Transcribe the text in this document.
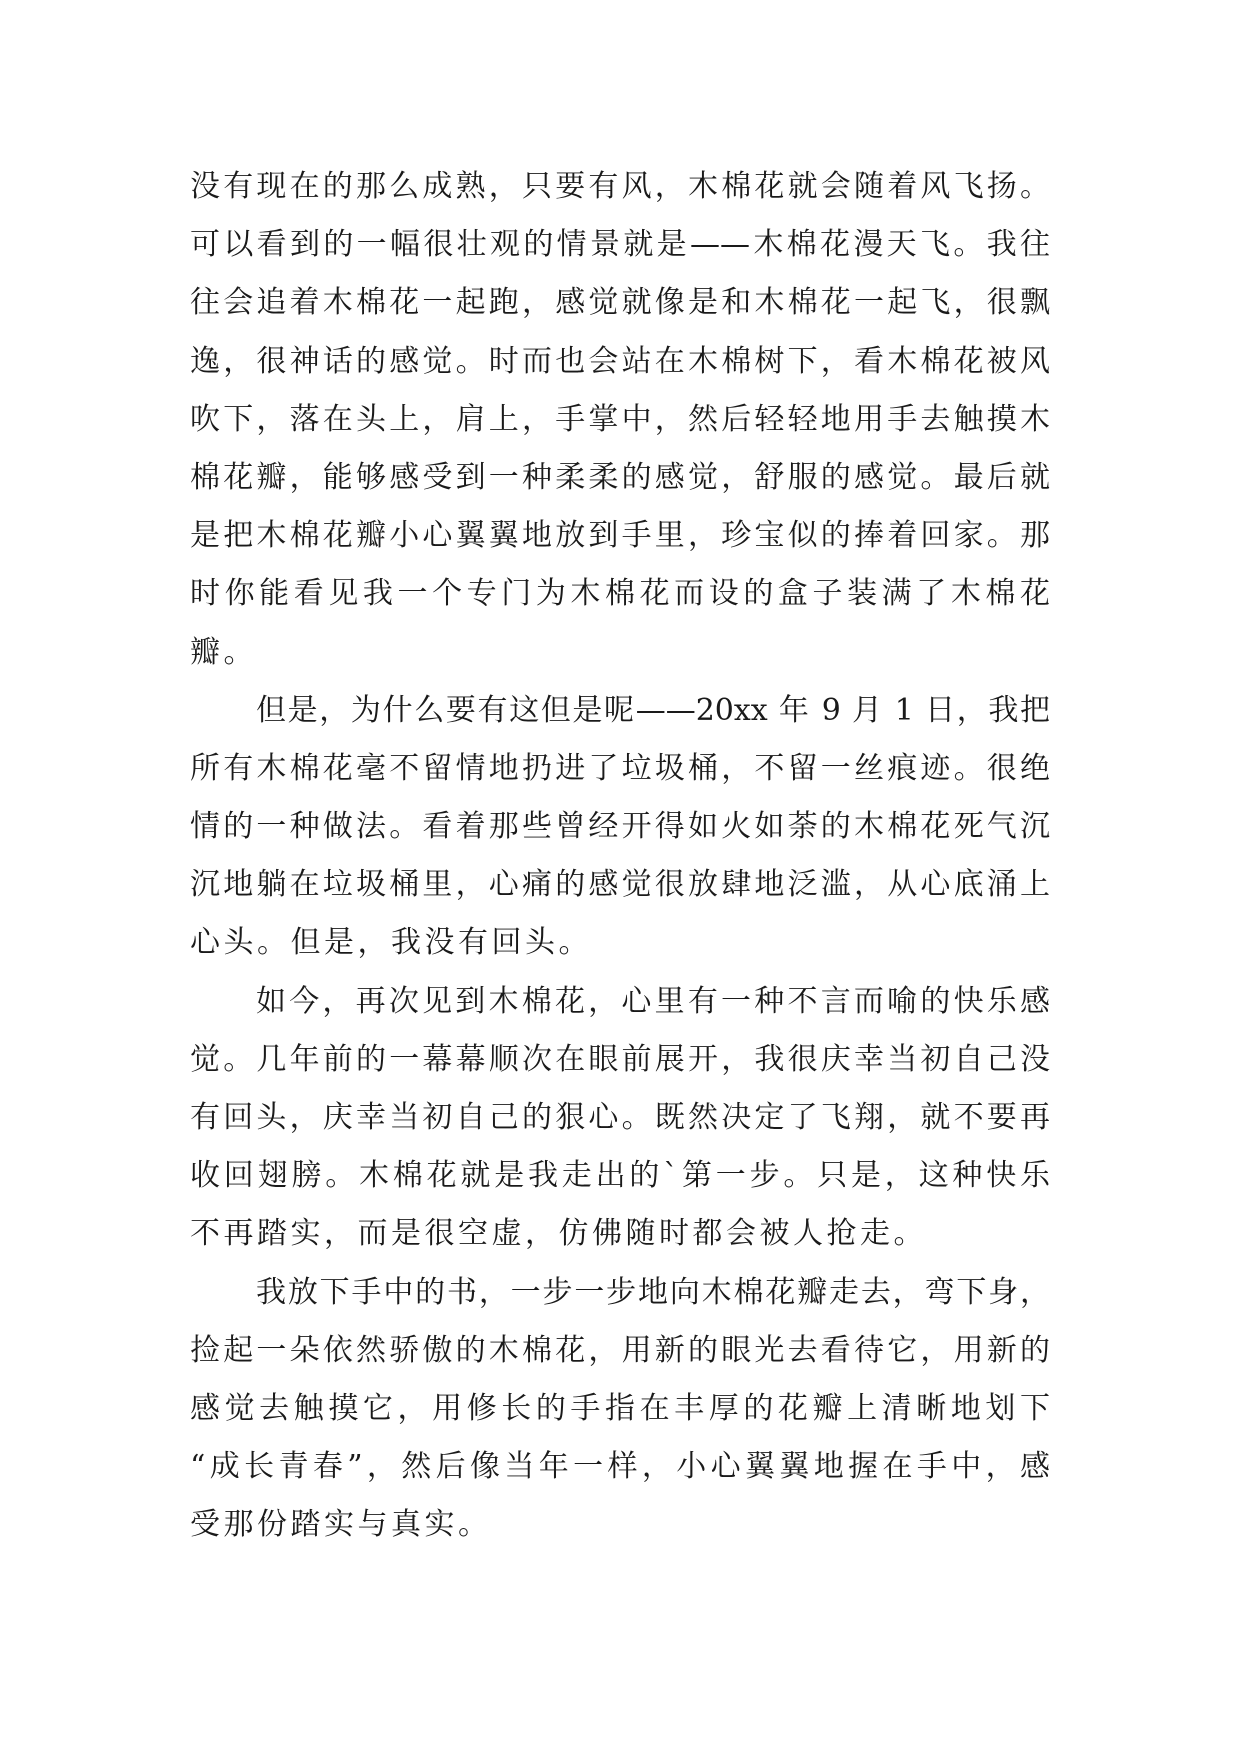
没有现在的那么成熟，只要有风，木棉花就会随着风飞扬。
可以看到的一幅很壮观的情景就是——木棉花漫天飞。我往
往会追着木棉花一起跑，感觉就像是和木棉花一起飞，很飘
逸，很神话的感觉。时而也会站在木棉树下，看木棉花被风
吹下，落在头上，肩上，手掌中，然后轻轻地用手去触摸木
棉花瓣，能够感受到一种柔柔的感觉，舒服的感觉。最后就
是把木棉花瓣小心翼翼地放到手里，珍宝似的捧着回家。那
时你能看见我一个专门为木棉花而设的盒子装满了木棉花
瓣。
但是，为什么要有这但是呢——20xx 年 9 月 1 日，我把
所有木棉花毫不留情地扔进了垃圾桶，不留一丝痕迹。很绝
情的一种做法。看着那些曾经开得如火如荼的木棉花死气沉
沉地躺在垃圾桶里，心痛的感觉很放肆地泛滥，从心底涌上
心头。但是，我没有回头。
如今，再次见到木棉花，心里有一种不言而喻的快乐感
觉。几年前的一幕幕顺次在眼前展开，我很庆幸当初自己没
有回头，庆幸当初自己的狠心。既然决定了飞翔，就不要再
收回翅膀。木棉花就是我走出的`第一步。只是，这种快乐
不再踏实，而是很空虚，仿佛随时都会被人抢走。
我放下手中的书，一步一步地向木棉花瓣走去，弯下身，
捡起一朵依然骄傲的木棉花，用新的眼光去看待它，用新的
感觉去触摸它，用修长的手指在丰厚的花瓣上清晰地划下
“成长青春”，然后像当年一样，小心翼翼地握在手中，感
受那份踏实与真实。
